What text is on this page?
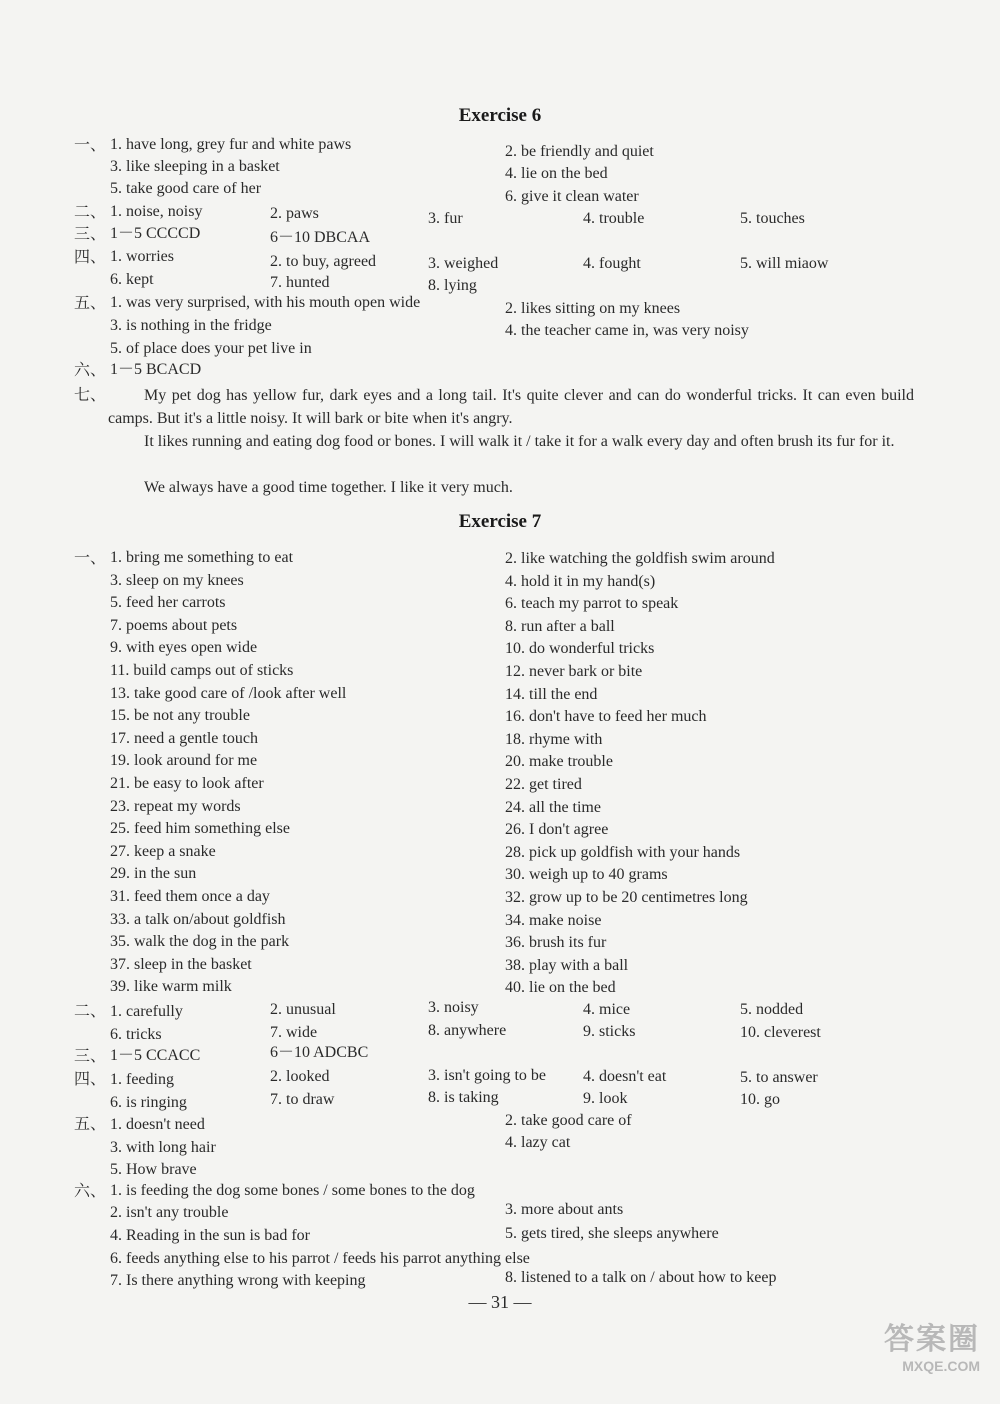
Exercise 6
一、 1. have long, grey fur and white paws	2. be friendly and quiet
3. like sleeping in a basket	4. lie on the bed
5. take good care of her	6. give it clean water
二、 1. noise, noisy	2. paws	3. fur	4. trouble	5. touches
三、 1－5 CCCCD	6－10 DBCAA
四、 1. worries	2. to buy, agreed	3. weighed	4. fought	5. will miaow
6. kept	7. hunted	8. lying
五、 1. was very surprised, with his mouth open wide	2. likes sitting on my knees
3. is nothing in the fridge	4. the teacher came in, was very noisy
5. of place does your pet live in
六、 1－5 BCACD
七、	My pet dog has yellow fur, dark eyes and a long tail. It's quite clever and can do wonderful tricks. It can even build camps. But it's a little noisy. It will bark or bite when it's angry.
It likes running and eating dog food or bones. I will walk it / take it for a walk every day and often brush its fur for it.
We always have a good time together. I like it very much.
Exercise 7
一、 1. bring me something to eat	2. like watching the goldfish swim around
3. sleep on my knees	4. hold it in my hand(s)
5. feed her carrots	6. teach my parrot to speak
7. poems about pets	8. run after a ball
9. with eyes open wide	10. do wonderful tricks
11. build camps out of sticks	12. never bark or bite
13. take good care of /look after well	14. till the end
15. be not any trouble	16. don't have to feed her much
17. need a gentle touch	18. rhyme with
19. look around for me	20. make trouble
21. be easy to look after	22. get tired
23. repeat my words	24. all the time
25. feed him something else	26. I don't agree
27. keep a snake	28. pick up goldfish with your hands
29. in the sun	30. weigh up to 40 grams
31. feed them once a day	32. grow up to be 20 centimetres long
33. a talk on/about goldfish	34. make noise
35. walk the dog in the park	36. brush its fur
37. sleep in the basket	38. play with a ball
39. like warm milk	40. lie on the bed
二、 1. carefully	2. unusual	3. noisy	4. mice	5. nodded
6. tricks	7. wide	8. anywhere	9. sticks	10. cleverest
三、 1－5 CCACC	6－10 ADCBC
四、 1. feeding	2. looked	3. isn't going to be 4. doesn't eat	5. to answer
6. is ringing	7. to draw	8. is taking	9. look	10. go
五、 1. doesn't need	2. take good care of
3. with long hair	4. lazy cat
5. How brave
六、 1. is feeding the dog some bones / some bones to the dog
2. isn't any trouble	3. more about ants
4. Reading in the sun is bad for	5. gets tired, she sleeps anywhere
6. feeds anything else to his parrot / feeds his parrot anything else
7. Is there anything wrong with keeping	8. listened to a talk on / about how to keep
— 31 —
答案圈
MXQE.COM
